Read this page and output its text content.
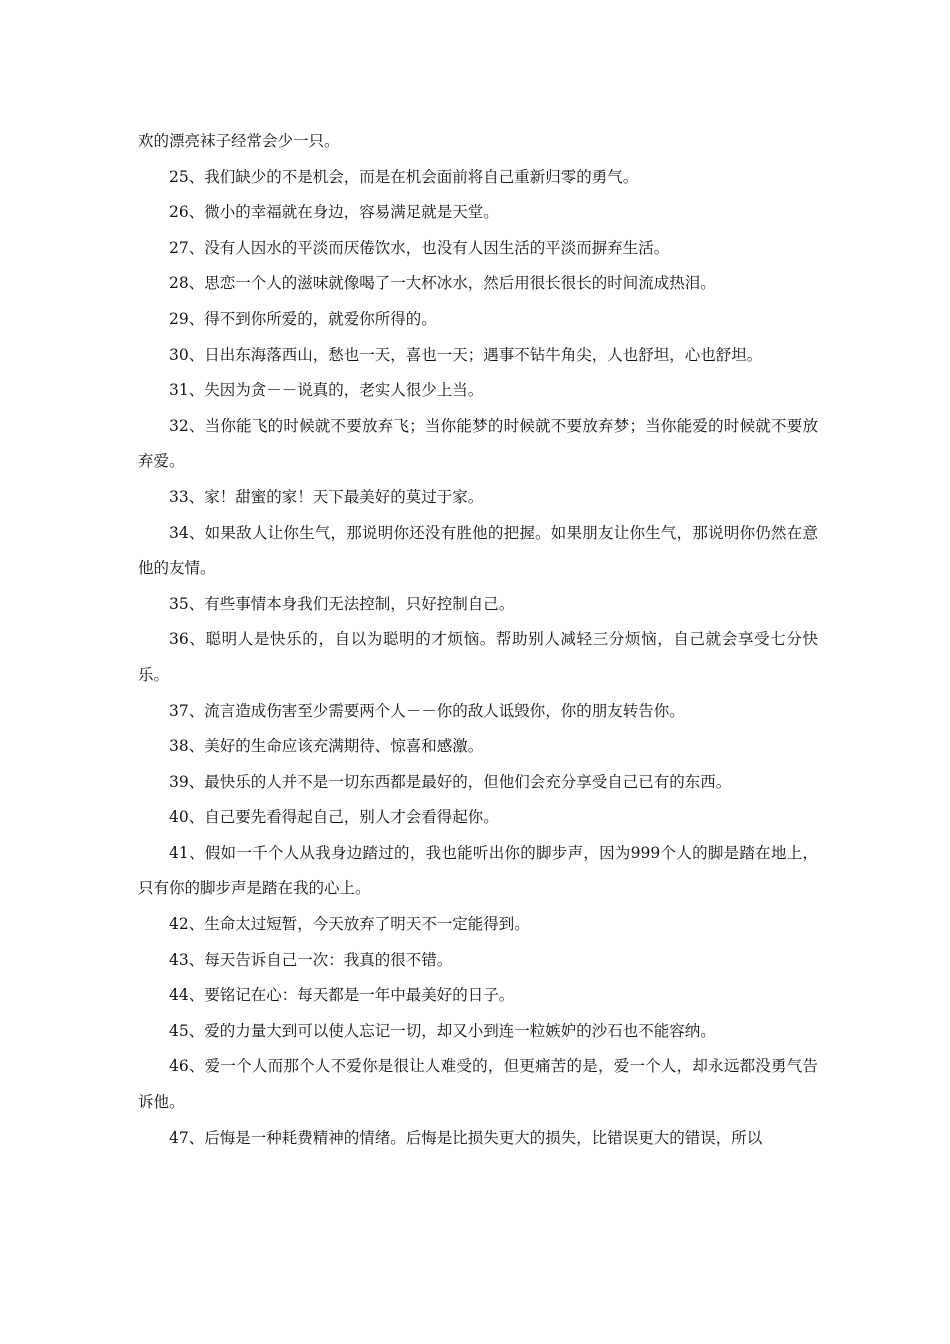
欢的漂亮袜子经常会少一只。

25、我们缺少的不是机会，而是在机会面前将自己重新归零的勇气。

26、微小的幸福就在身边，容易满足就是天堂。

27、没有人因水的平淡而厌倦饮水，也没有人因生活的平淡而摒弃生活。

28、思恋一个人的滋味就像喝了一大杯冰水，然后用很长很长的时间流成热泪。

29、得不到你所爱的，就爱你所得的。

30、日出东海落西山，愁也一天，喜也一天；遇事不钻牛角尖，人也舒坦，心也舒坦。

31、失因为贪－－说真的，老实人很少上当。

32、当你能飞的时候就不要放弃飞；当你能梦的时候就不要放弃梦；当你能爱的时候就不要放弃爱。

33、家！甜蜜的家！天下最美好的莫过于家。

34、如果敌人让你生气，那说明你还没有胜他的把握。如果朋友让你生气，那说明你仍然在意他的友情。

35、有些事情本身我们无法控制，只好控制自己。

36、聪明人是快乐的，自以为聪明的才烦恼。帮助别人减轻三分烦恼，自己就会享受七分快乐。

37、流言造成伤害至少需要两个人－－你的敌人诋毁你，你的朋友转告你。

38、美好的生命应该充满期待、惊喜和感激。

39、最快乐的人并不是一切东西都是最好的，但他们会充分享受自己已有的东西。

40、自己要先看得起自己，别人才会看得起你。

41、假如一千个人从我身边踏过的，我也能听出你的脚步声，因为999个人的脚是踏在地上，只有你的脚步声是踏在我的心上。

42、生命太过短暂，今天放弃了明天不一定能得到。

43、每天告诉自己一次：我真的很不错。

44、要铭记在心：每天都是一年中最美好的日子。

45、爱的力量大到可以使人忘记一切，却又小到连一粒嫉妒的沙石也不能容纳。

46、爱一个人而那个人不爱你是很让人难受的，但更痛苦的是，爱一个人，却永远都没勇气告诉他。

47、后悔是一种耗费精神的情绪。后悔是比损失更大的损失，比错误更大的错误，所以
